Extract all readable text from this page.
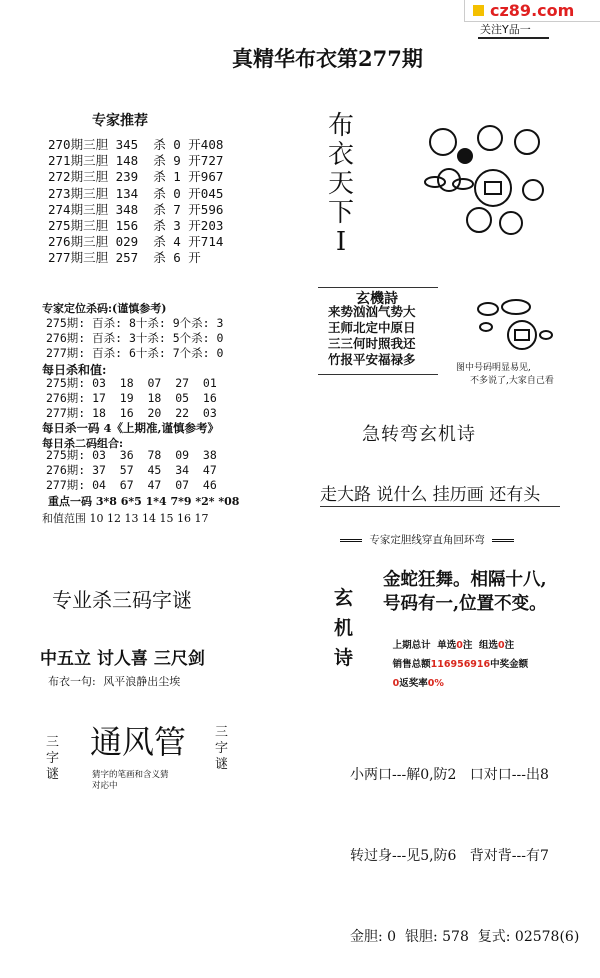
cz89.com
关注Y品一
真精华布衣第277期
专家推荐
270期三胆 345  杀 0 开408
271期三胆 148  杀 9 开727
272期三胆 239  杀 1 开967
273期三胆 134  杀 0 开045
274期三胆 348  杀 7 开596
275期三胆 156  杀 3 开203
276期三胆 029  杀 4 开714
277期三胆 257  杀 6 开
专家定位杀码:(谨慎参考)
275期: 百杀: 8十杀: 9个杀: 3
276期: 百杀: 3十杀: 5个杀: 0
277期: 百杀: 6十杀: 7个杀: 0
每日杀和值:
275期: 03  18  07  27  01
276期: 17  19  18  05  16
277期: 18  16  20  22  03
每日杀一码 4《上期准,谨慎参考》
每日杀二码组合:
275期: 03  36  78  09  38
276期: 37  57  45  34  47
277期: 04  67  47  07  46
重点一码 3*8 6*5 1*4 7*9 *2* *08
和值范围 10 12 13 14 15 16 17
专业杀三码字谜
中五立 讨人喜 三尺剑
布衣一句: 风平浪静出尘埃
三字谜
通风管 三字谜
猜字的笔画和含义猜
对応中
布
衣
天
下
I
玄機詩
来势汹汹气势大
王师北定中原日
三三何时照我还
竹报平安福禄多
图中号码明显易见,
不多说了,大家自己看
急转弯玄机诗
走大路 说什么 挂历画 还有头
专家定胆线穿直角回环弯
玄
机
诗
金蛇狂舞。相隔十八,
号码有一,位置不变。

上期总计  单选0注  组选0注

销售总额116956916中奖金额

0返奖率0%

小两口---解0,防2   口对口---出8

转过身---见5,防6   背对背---有7

金胆: 0  银胆: 578  复式: 02578(6)
